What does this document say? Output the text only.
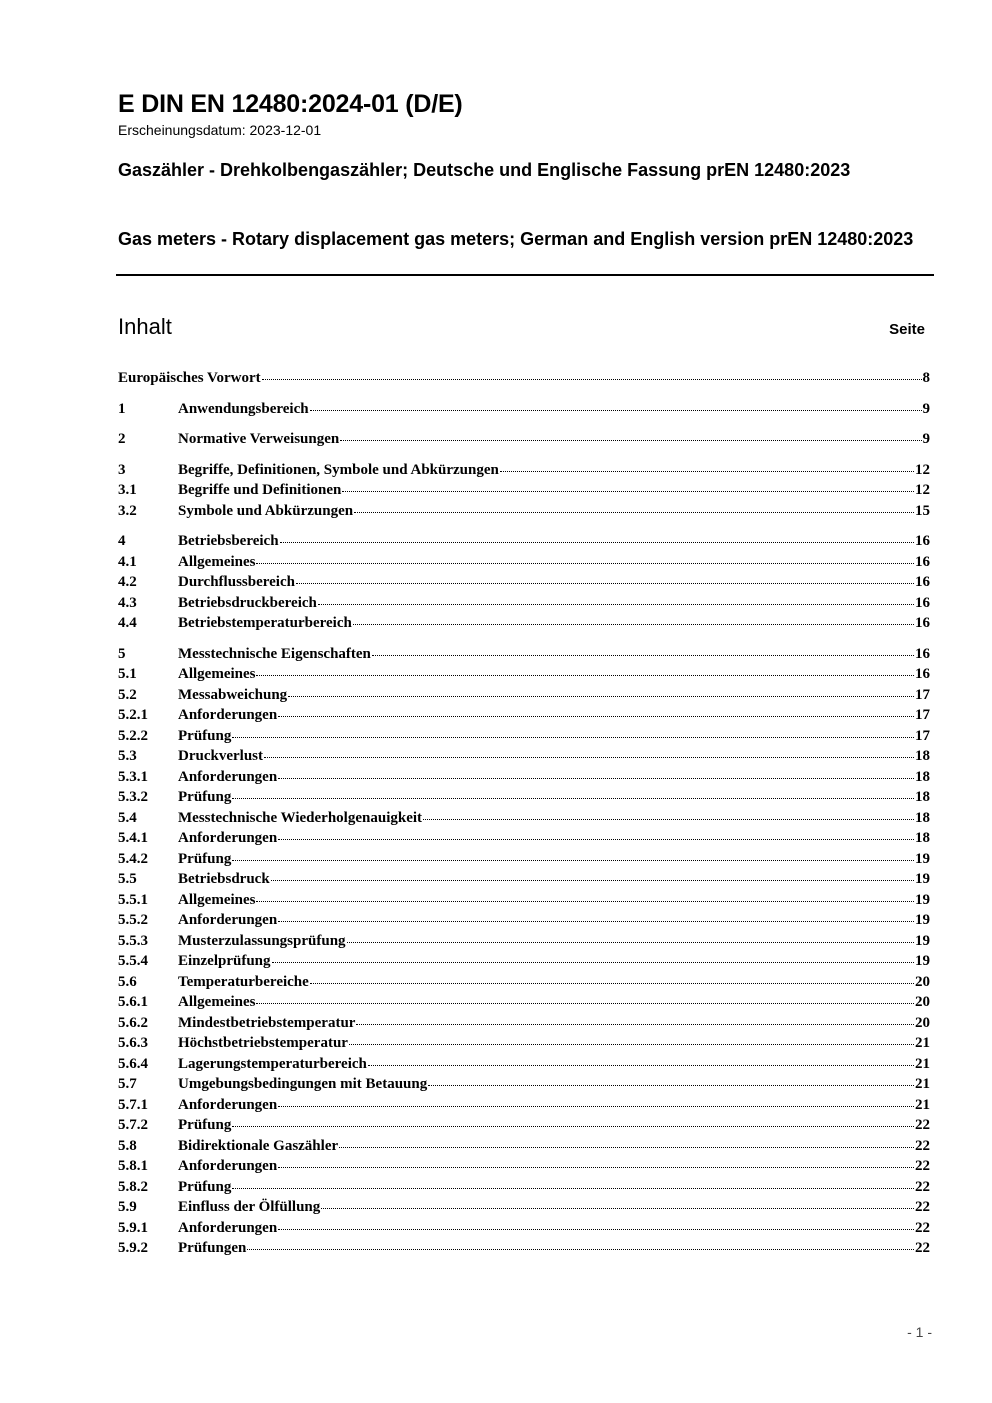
E DIN EN 12480:2024-01 (D/E)
Erscheinungsdatum: 2023-12-01
Gaszähler - Drehkolbengaszähler; Deutsche und Englische Fassung prEN 12480:2023
Gas meters - Rotary displacement gas meters; German and English version prEN 12480:2023
Inhalt	Seite
Europäisches Vorwort	8
1	Anwendungsbereich	9
2	Normative Verweisungen	9
3	Begriffe, Definitionen, Symbole und Abkürzungen	12
3.1	Begriffe und Definitionen	12
3.2	Symbole und Abkürzungen	15
4	Betriebsbereich	16
4.1	Allgemeines	16
4.2	Durchflussbereich	16
4.3	Betriebsdruckbereich	16
4.4	Betriebstemperaturbereich	16
5	Messtechnische Eigenschaften	16
5.1	Allgemeines	16
5.2	Messabweichung	17
5.2.1	Anforderungen	17
5.2.2	Prüfung	17
5.3	Druckverlust	18
5.3.1	Anforderungen	18
5.3.2	Prüfung	18
5.4	Messtechnische Wiederholgenauigkeit	18
5.4.1	Anforderungen	18
5.4.2	Prüfung	19
5.5	Betriebsdruck	19
5.5.1	Allgemeines	19
5.5.2	Anforderungen	19
5.5.3	Musterzulassungsprüfung	19
5.5.4	Einzelprüfung	19
5.6	Temperaturbereiche	20
5.6.1	Allgemeines	20
5.6.2	Mindestbetriebstemperatur	20
5.6.3	Höchstbetriebstemperatur	21
5.6.4	Lagerungstemperaturbereich	21
5.7	Umgebungsbedingungen mit Betauung	21
5.7.1	Anforderungen	21
5.7.2	Prüfung	22
5.8	Bidirektionale Gaszähler	22
5.8.1	Anforderungen	22
5.8.2	Prüfung	22
5.9	Einfluss der Ölfüllung	22
5.9.1	Anforderungen	22
5.9.2	Prüfungen	22
- 1 -
